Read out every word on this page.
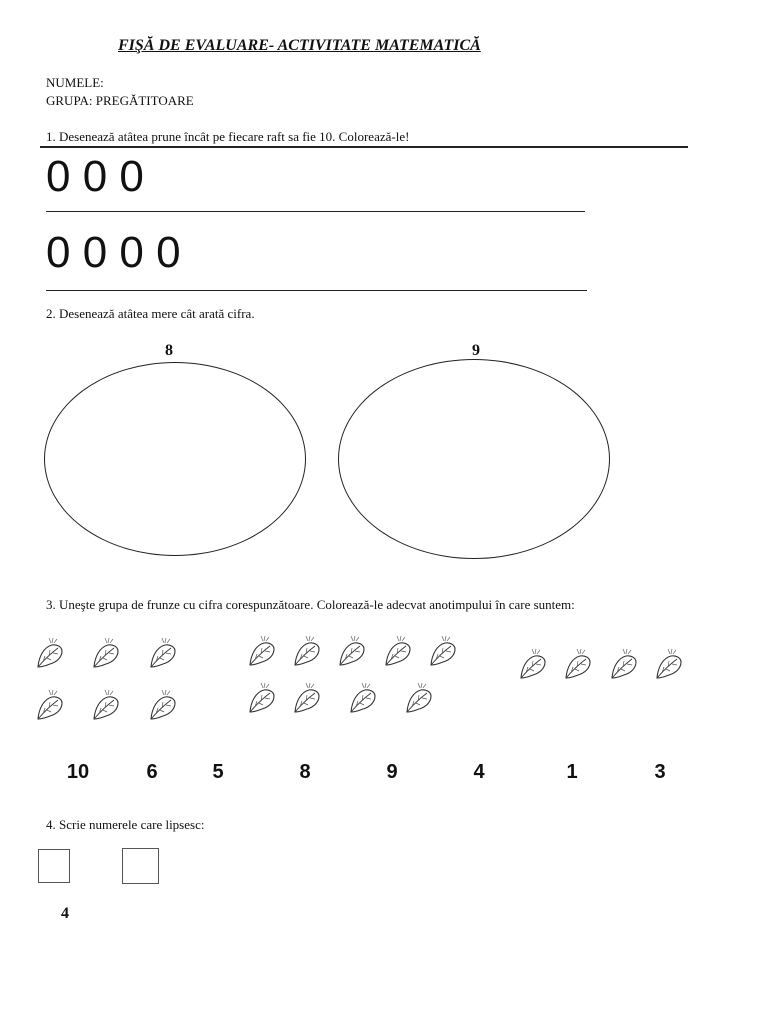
FIŞĂ DE EVALUARE- ACTIVITATE MATEMATICĂ
NUMELE:
GRUPA: PREGĂTITOARE
1. Desenează atâtea prune încât pe fiecare raft sa fie 10. Colorează-le!
0 0 0
0 0 0 0
2. Desenează atâtea mere cât arată cifra.
8	9
3. Uneşte grupa de frunze cu cifra corespunzătoare. Colorează-le adecvat anotimpului în care suntem:
10	6	5	8	9	4	1	3
4. Scrie numerele care lipsesc:
4
